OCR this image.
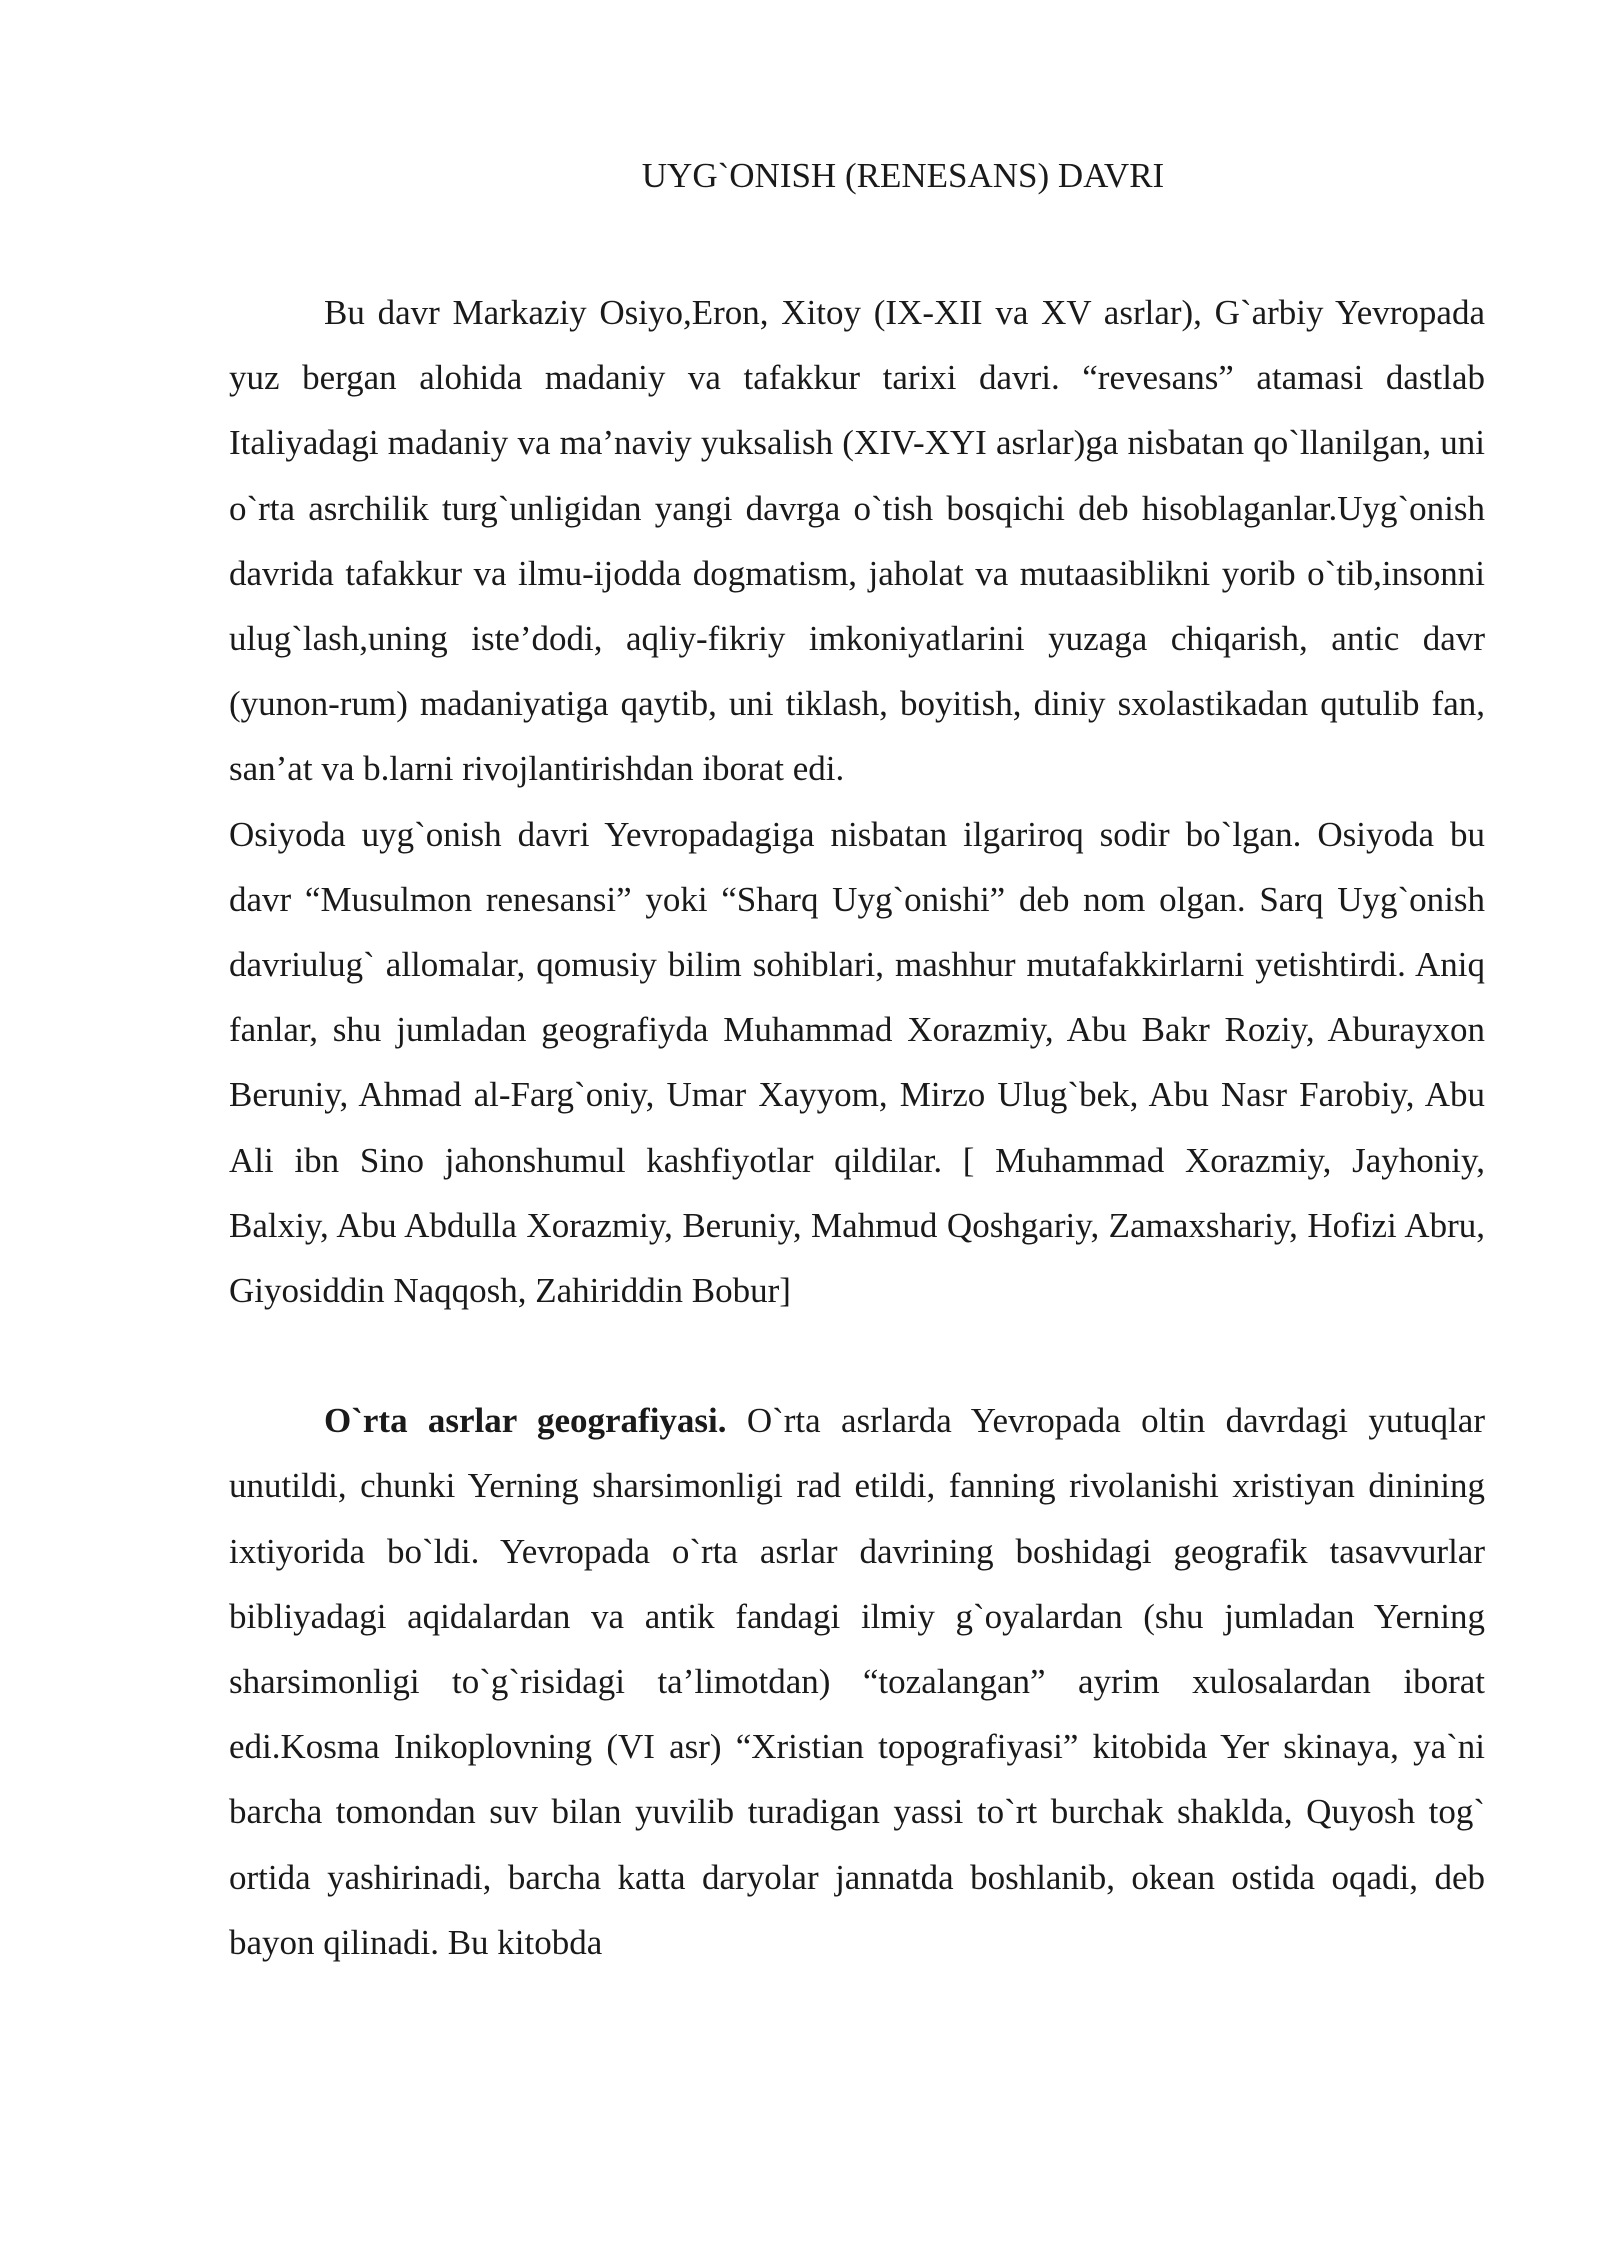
UYG`ONISH (RENESANS) DAVRI

Bu davr Markaziy Osiyo,Eron, Xitoy (IX-XII va XV asrlar), G`arbiy Yevropada yuz bergan alohida madaniy va tafakkur tarixi davri. “revesans” atamasi dastlab Italiyadagi madaniy va ma’naviy yuksalish (XIV-XYI asrlar)ga nisbatan qo`llanilgan, uni o`rta asrchilik turg`unligidan yangi davrga o`tish bosqichi deb hisoblaganlar.Uyg`onish davrida tafakkur va ilmu-ijodda dogmatism, jaholat va mutaasiblikni yorib o`tib,insonni ulug`lash,uning iste’dodi, aqliy-fikriy imkoniyatlarini yuzaga chiqarish, antic davr (yunon-rum) madaniyatiga qaytib, uni tiklash, boyitish, diniy sxolastikadan qutulib fan, san’at va b.larni rivojlantirishdan iborat edi.

Osiyoda uyg`onish davri Yevropadagiga nisbatan ilgariroq sodir bo`lgan. Osiyoda bu davr “Musulmon renesansi” yoki “Sharq Uyg`onishi” deb nom olgan. Sarq Uyg`onish davriulug` allomalar, qomusiy bilim sohiblari, mashhur mutafakkirlarni yetishtirdi. Aniq fanlar, shu jumladan geografiyda Muhammad Xorazmiy, Abu Bakr Roziy, Aburayxon Beruniy, Ahmad al-Farg`oniy, Umar Xayyom, Mirzo Ulug`bek, Abu Nasr Farobiy, Abu Ali ibn Sino jahonshumul kashfiyotlar qildilar. [ Muhammad Xorazmiy, Jayhoniy, Balxiy, Abu Abdulla Xorazmiy, Beruniy, Mahmud Qoshgariy, Zamaxshariy, Hofizi Abru, Giyosiddin Naqqosh, Zahiriddin Bobur]

O`rta asrlar geografiyasi. O`rta asrlarda Yevropada oltin davrdagi yutuqlar unutildi, chunki Yerning sharsimonligi rad etildi, fanning rivolanishi xristiyan dinining ixtiyorida bo`ldi. Yevropada o`rta asrlar davrining boshidagi geografik tasavvurlar bibliyadagi aqidalardan va antik fandagi ilmiy g`oyalardan (shu jumladan Yerning sharsimonligi to`g`risidagi ta’limotdan) “tozalangan” ayrim xulosalardan iborat edi.Kosma Inikoplovning (VI asr) “Xristian topografiyasi” kitobida Yer skinaya, ya`ni barcha tomondan suv bilan yuvilib turadigan yassi to`rt burchak shaklda, Quyosh tog` ortida yashirinadi, barcha katta daryolar jannatda boshlanib, okean ostida oqadi, deb bayon qilinadi. Bu kitobda
